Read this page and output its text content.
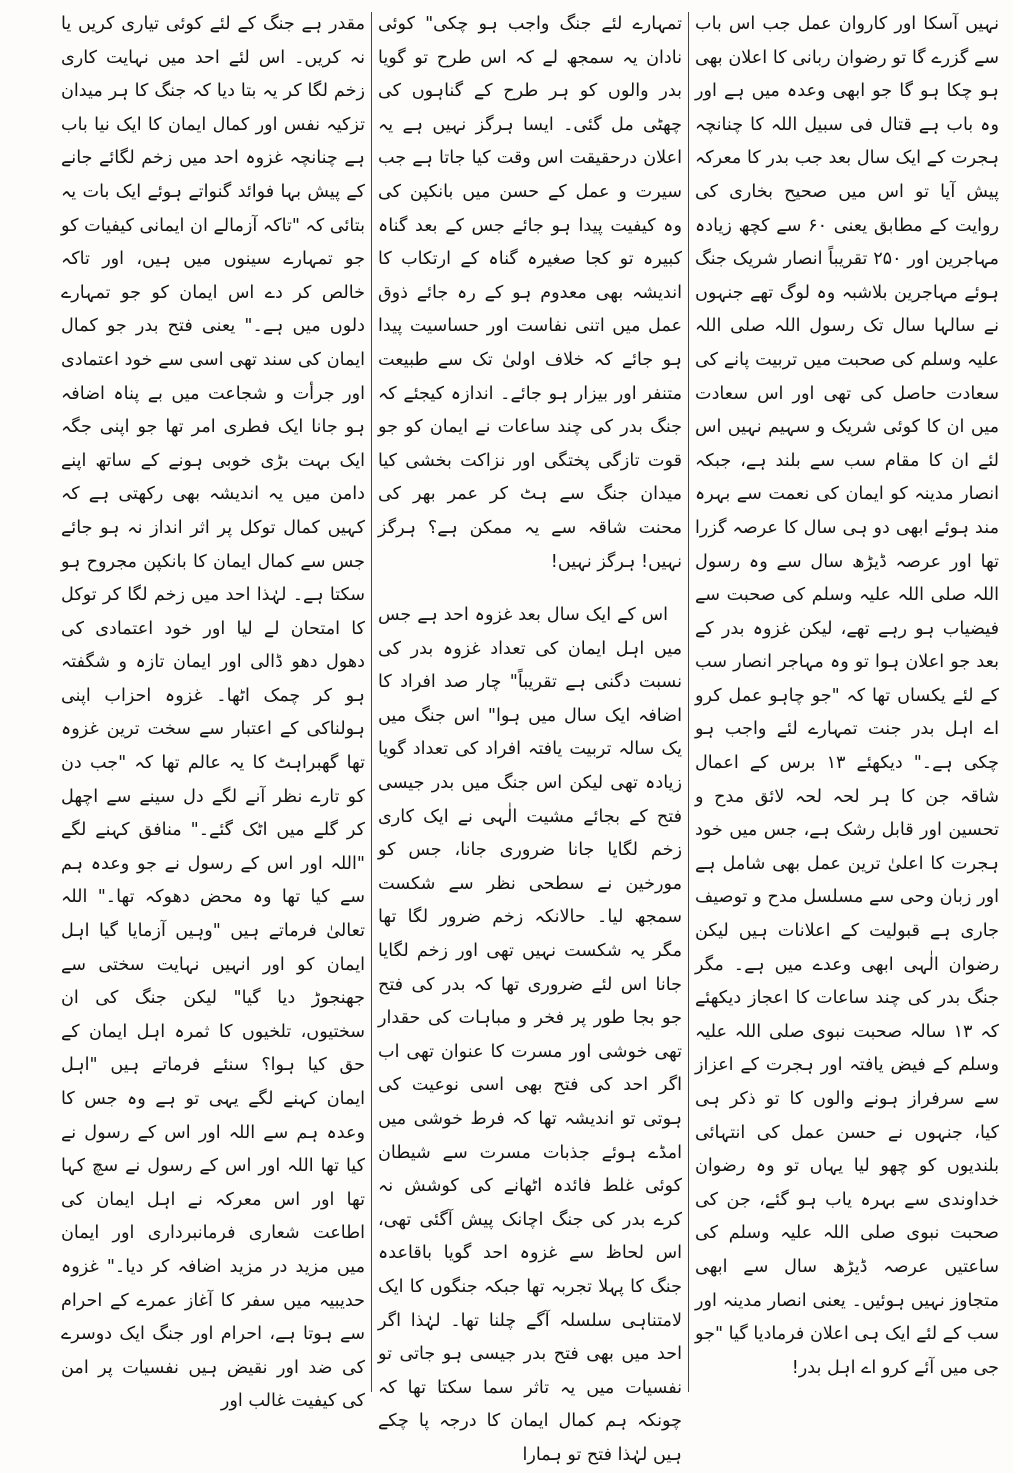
نہیں آسکا اور کاروان عمل جب اس باب سے گزرے گا تو رضوان ربانی کا اعلان بھی ہو چکا ہو گا جو ابھی وعدہ میں ہے اور وہ باب ہے قتال فی سبیل اللہ کا چنانچہ ہجرت کے ایک سال بعد جب بدر کا معرکہ پیش آیا تو اس میں صحیح بخاری کی روایت کے مطابق یعنی ۶۰ سے کچھ زیادہ مہاجرین اور ۲۵۰ تقریباً انصار شریک جنگ ہوئے مہاجرین بلاشبہ وہ لوگ تھے جنہوں نے سالہا سال تک رسول اللہ صلی اللہ علیہ وسلم کی صحبت میں تربیت پانے کی سعادت حاصل کی تھی اور اس سعادت میں ان کا کوئی شریک و سہیم نہیں اس لئے ان کا مقام سب سے بلند ہے، جبکہ انصار مدینہ کو ایمان کی نعمت سے بہرہ مند ہوئے ابھی دو ہی سال کا عرصہ گزرا تھا اور عرصہ ڈیڑھ سال سے وہ رسول اللہ صلی اللہ علیہ وسلم کی صحبت سے فیضیاب ہو رہے تھے، لیکن غزوہ بدر کے بعد جو اعلان ہوا تو وہ مہاجر انصار سب کے لئے یکساں تھا کہ "جو چاہو عمل کرو اے اہل بدر جنت تمہارے لئے واجب ہو چکی ہے۔" دیکھئے ۱۳ برس کے اعمال شاقہ جن کا ہر لحہ لحہ لائق مدح و تحسین اور قابل رشک ہے، جس میں خود ہجرت کا اعلیٰ ترین عمل بھی شامل ہے اور زبان وحی سے مسلسل مدح و توصیف جاری ہے قبولیت کے اعلانات ہیں لیکن رضوان الٰہی ابھی وعدے میں ہے۔ مگر جنگ بدر کی چند ساعات کا اعجاز دیکھئے کہ ۱۳ سالہ صحبت نبوی صلی اللہ علیہ وسلم کے فیض یافتہ اور ہجرت کے اعزاز سے سرفراز ہونے والوں کا تو ذکر ہی کیا، جنہوں نے حسن عمل کی انتہائی بلندیوں کو چھو لیا یہاں تو وہ رضوان خداوندی سے بہرہ یاب ہو گئے، جن کی صحبت نبوی صلی اللہ علیہ وسلم کی ساعتیں عرصہ ڈیڑھ سال سے ابھی متجاوز نہیں ہوئیں۔ یعنی انصار مدینہ اور سب کے لئے ایک ہی اعلان فرمادیا گیا "جو جی میں آئے کرو اے اہل بدر!

تمہارے لئے جنگ واجب ہو چکی" کوئی نادان یہ سمجھ لے کہ اس طرح تو گویا بدر والوں کو ہر طرح کے گناہوں کی چھٹی مل گئی۔ ایسا ہرگز نہیں ہے یہ اعلان درحقیقت اس وقت کیا جاتا ہے جب سیرت و عمل کے حسن میں بانکپن کی وہ کیفیت پیدا ہو جائے جس کے بعد گناہ کبیرہ تو کجا صغیرہ گناہ کے ارتکاب کا اندیشہ بھی معدوم ہو کے رہ جائے ذوق عمل میں اتنی نفاست اور حساسیت پیدا ہو جائے کہ خلاف اولیٰ تک سے طبیعت متنفر اور بیزار ہو جائے۔ اندازہ کیجئے کہ جنگ بدر کی چند ساعات نے ایمان کو جو قوت تازگی پختگی اور نزاکت بخشی کیا میدان جنگ سے ہٹ کر عمر بھر کی محنت شاقہ سے یہ ممکن ہے؟ ہرگز نہیں! ہرگز نہیں!

اس کے ایک سال بعد غزوہ احد ہے جس میں اہل ایمان کی تعداد غزوہ بدر کی نسبت دگنی ہے تقریباً" چار صد افراد کا اضافہ ایک سال میں ہوا" اس جنگ میں یک سالہ تربیت یافتہ افراد کی تعداد گویا زیادہ تھی لیکن اس جنگ میں بدر جیسی فتح کے بجائے مشیت الٰہی نے ایک کاری زخم لگایا جانا ضروری جانا، جس کو مورخین نے سطحی نظر سے شکست سمجھ لیا۔ حالانکہ زخم ضرور لگا تھا مگر یہ شکست نہیں تھی اور زخم لگایا جانا اس لئے ضروری تھا کہ بدر کی فتح جو بجا طور پر فخر و مباہات کی حقدار تھی خوشی اور مسرت کا عنوان تھی اب اگر احد کی فتح بھی اسی نوعیت کی ہوتی تو اندیشہ تھا کہ فرط خوشی میں امڈے ہوئے جذبات مسرت سے شیطان کوئی غلط فائدہ اٹھانے کی کوشش نہ کرے بدر کی جنگ اچانک پیش آگئی تھی، اس لحاظ سے غزوہ احد گویا باقاعدہ جنگ کا پہلا تجربہ تھا جبکہ جنگوں کا ایک لامتناہی سلسلہ آگے چلنا تھا۔ لہٰذا اگر احد میں بھی فتح بدر جیسی ہو جاتی تو نفسیات میں یہ تاثر سما سکتا تھا کہ چونکہ ہم کمال ایمان کا درجہ پا چکے ہیں لہٰذا فتح تو ہمارا

مقدر ہے جنگ کے لئے کوئی تیاری کریں یا نہ کریں۔ اس لئے احد میں نہایت کاری زخم لگا کر یہ بتا دیا کہ جنگ کا ہر میدان تزکیہ نفس اور کمال ایمان کا ایک نیا باب ہے چنانچہ غزوہ احد میں زخم لگائے جانے کے پیش بہا فوائد گنواتے ہوئے ایک بات یہ بتائی کہ "تاکہ آزمالے ان ایمانی کیفیات کو جو تمہارے سینوں میں ہیں، اور تاکہ خالص کر دے اس ایمان کو جو تمہارے دلوں میں ہے۔" یعنی فتح بدر جو کمال ایمان کی سند تھی اسی سے خود اعتمادی اور جرأت و شجاعت میں بے پناہ اضافہ ہو جانا ایک فطری امر تھا جو اپنی جگہ ایک بہت بڑی خوبی ہونے کے ساتھ اپنے دامن میں یہ اندیشہ بھی رکھتی ہے کہ کہیں کمال توکل پر اثر انداز نہ ہو جائے جس سے کمال ایمان کا بانکپن مجروح ہو سکتا ہے۔ لہٰذا احد میں زخم لگا کر توکل کا امتحان لے لیا اور خود اعتمادی کی دھول دھو ڈالی اور ایمان تازہ و شگفتہ ہو کر چمک اٹھا۔ غزوہ احزاب اپنی ہولناکی کے اعتبار سے سخت ترین غزوہ تھا گھبراہٹ کا یہ عالم تھا کہ "جب دن کو تارے نظر آنے لگے دل سینے سے اچھل کر گلے میں اٹک گئے۔" منافق کہنے لگے "اللہ اور اس کے رسول نے جو وعدہ ہم سے کیا تھا وہ محض دھوکہ تھا۔" اللہ تعالیٰ فرماتے ہیں "وہیں آزمایا گیا اہل ایمان کو اور انہیں نہایت سختی سے جھنجوڑ دیا گیا" لیکن جنگ کی ان سختیوں، تلخیوں کا ثمرہ اہل ایمان کے حق کیا ہوا؟ سنئے فرماتے ہیں "اہل ایمان کہنے لگے یہی تو ہے وہ جس کا وعدہ ہم سے اللہ اور اس کے رسول نے کیا تھا اللہ اور اس کے رسول نے سچ کہا تھا اور اس معرکہ نے اہل ایمان کی اطاعت شعاری فرمانبرداری اور ایمان میں مزید در مزید اضافہ کر دیا۔" غزوہ حدیبیہ میں سفر کا آغاز عمرے کے احرام سے ہوتا ہے، احرام اور جنگ ایک دوسرے کی ضد اور نقیض ہیں نفسیات پر امن کی کیفیت غالب اور
